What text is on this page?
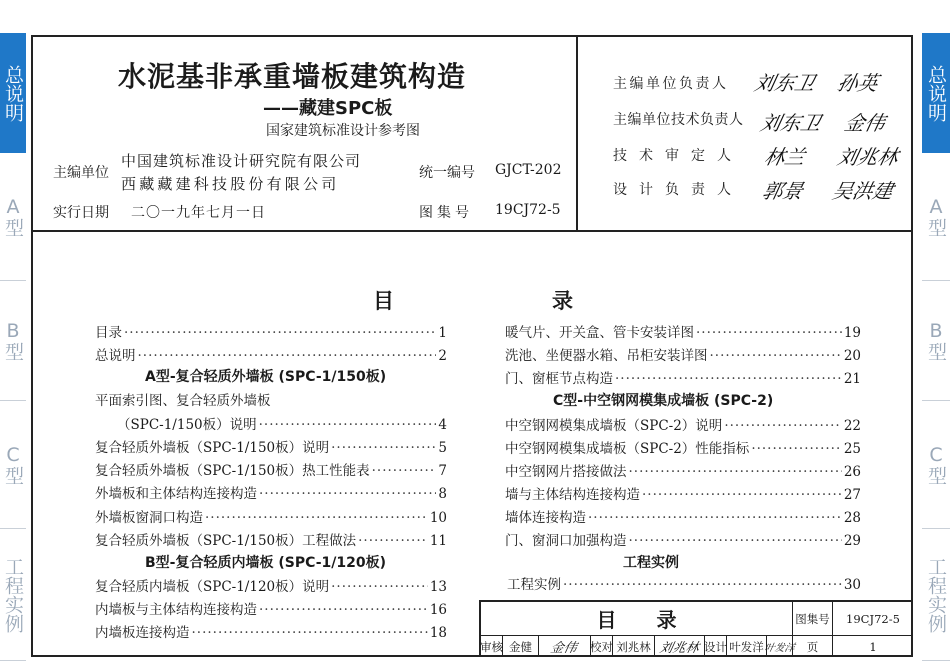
总说明
A型
B型
C型
工程实例
总说明
A型
B型
C型
工程实例
水泥基非承重墙板建筑构造
——藏建SPC板
国家建筑标准设计参考图
主编单位
中国建筑标准设计研究院有限公司
西藏藏建科技股份有限公司
实行日期 二〇一九年七月一日
统一编号 GJCT-202
图集号 19CJ72-5
主编单位负责人 刘东卫 孙英
主编单位技术负责人 刘东卫 金伟
技术审定人 林兰 刘兆林
设计负责人 郭景 吴洪建
目录
目录 ·····	1
总说明 ·····	2
A型-复合轻质外墙板 (SPC-1/150板)
平面索引图、复合轻质外墙板
（SPC-1/150板）说明 ·····	4
复合轻质外墙板（SPC-1/150板）说明 ·····	5
复合轻质外墙板（SPC-1/150板）热工性能表 ·····	7
外墙板和主体结构连接构造 ·····	8
外墙板窗洞口构造 ·····	10
复合轻质外墙板（SPC-1/150板）工程做法 ·····	11
B型-复合轻质内墙板 (SPC-1/120板)
复合轻质内墙板（SPC-1/120板）说明 ·····	13
内墙板与主体结构连接构造 ·····	16
内墙板连接构造 ·····	18
暖气片、开关盒、管卡安装详图 ·····	19
洗池、坐便器水箱、吊柜安装详图 ·····	20
门、窗框节点构造 ·····	21
C型-中空钢网模集成墙板 (SPC-2)
中空钢网模集成墙板（SPC-2）说明 ·····	22
中空钢网模集成墙板（SPC-2）性能指标 ·····	25
中空钢网片搭接做法 ·····	26
墙与主体结构连接构造 ·····	27
墙体连接构造 ·····	28
门、窗洞口加强构造 ·····	29
工程实例
工程实例 ·····	30
目录	图集号	19CJ72-5
审核 金健	金伟 校对 刘兆林 刘兆林 设计 叶发洋 叶发洋	页	1
